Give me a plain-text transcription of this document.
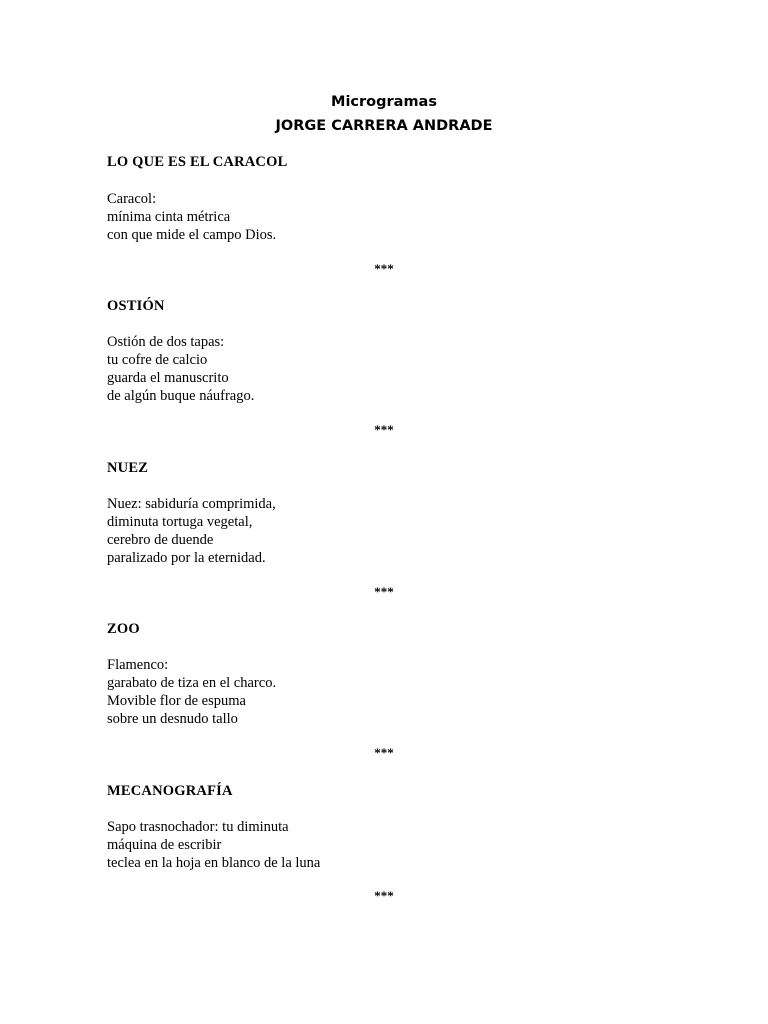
Microgramas
JORGE CARRERA ANDRADE
LO QUE ES EL CARACOL
Caracol:
mínima cinta métrica
con que mide el campo Dios.
***
OSTIÓN
Ostión de dos tapas:
tu cofre de calcio
guarda el manuscrito
de algún buque náufrago.
***
NUEZ
Nuez: sabiduría comprimida,
diminuta tortuga vegetal,
cerebro de duende
paralizado por la eternidad.
***
ZOO
Flamenco:
garabato de tiza en el charco.
Movible flor de espuma
sobre un desnudo tallo
***
MECANOGRAFÍA
Sapo trasnochador: tu diminuta
máquina de escribir
teclea en la hoja en blanco de la luna
***
